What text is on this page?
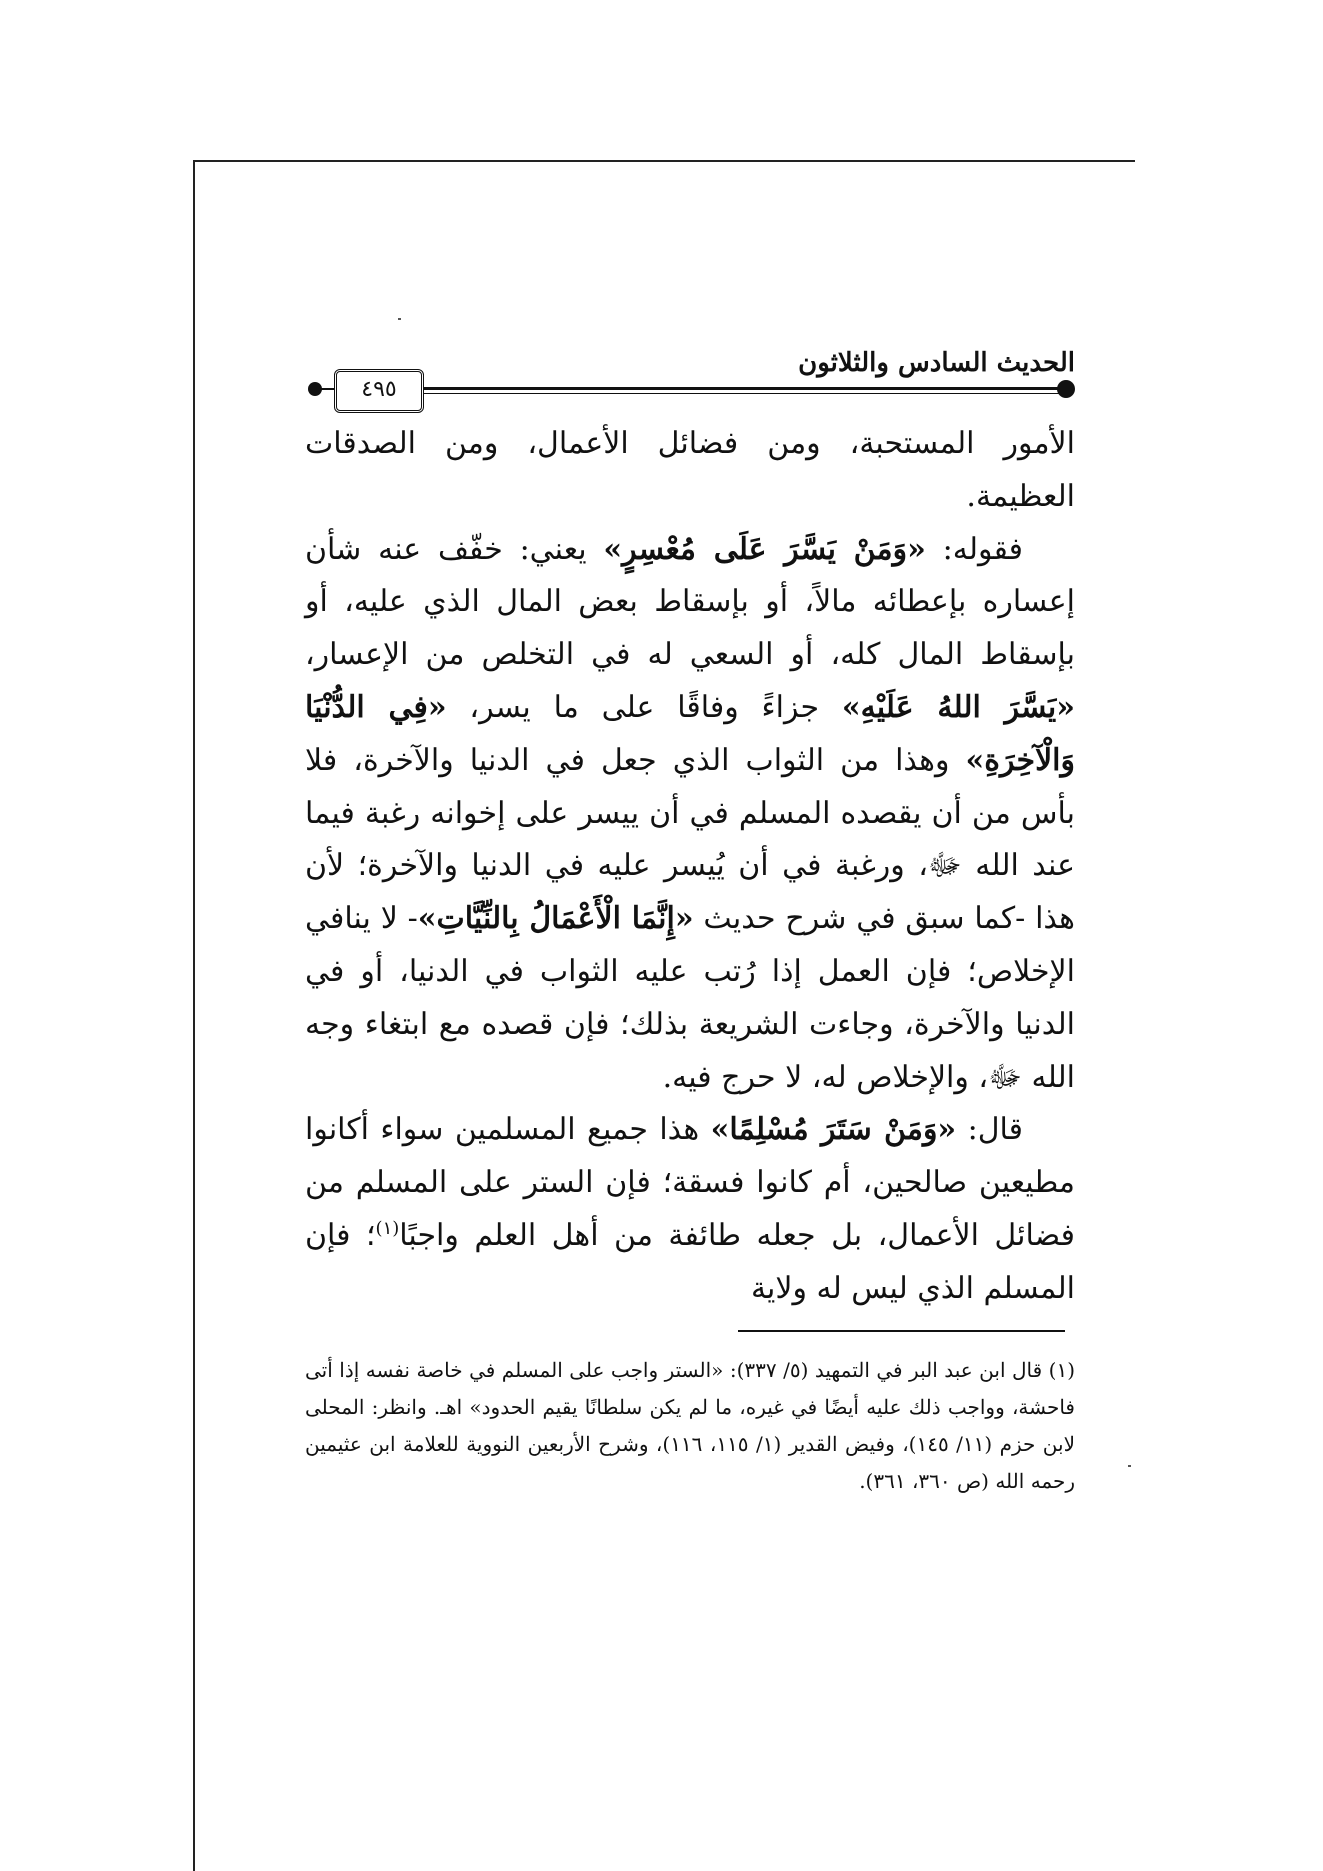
الحديث السادس والثلاثون
٤٩٥

الأمور المستحبة، ومن فضائل الأعمال، ومن الصدقات العظيمة.

فقوله: «وَمَنْ يَسَّرَ عَلَى مُعْسِرٍ» يعني: خفّف عنه شأن إعساره بإعطائه مالاً، أو بإسقاط بعض المال الذي عليه، أو بإسقاط المال كله، أو السعي له في التخلص من الإعسار، «يَسَّرَ اللهُ عَلَيْهِ» جزاءً وفاقًا على ما يسر، «فِي الدُّنْيَا وَالْآخِرَةِ» وهذا من الثواب الذي جعل في الدنيا والآخرة، فلا بأس من أن يقصده المسلم في أن ييسر على إخوانه رغبة فيما عند الله ﷻ، ورغبة في أن يُيسر عليه في الدنيا والآخرة؛ لأن هذا -كما سبق في شرح حديث «إِنَّمَا الْأَعْمَالُ بِالنِّيَّاتِ»- لا ينافي الإخلاص؛ فإن العمل إذا رُتب عليه الثواب في الدنيا، أو في الدنيا والآخرة، وجاءت الشريعة بذلك؛ فإن قصده مع ابتغاء وجه الله ﷻ، والإخلاص له، لا حرج فيه.

قال: «وَمَنْ سَتَرَ مُسْلِمًا» هذا جميع المسلمين سواء أكانوا مطيعين صالحين، أم كانوا فسقة؛ فإن الستر على المسلم من فضائل الأعمال، بل جعله طائفة من أهل العلم واجبًا$^{(١)}$؛ فإن المسلم الذي ليس له ولاية

(١) قال ابن عبد البر في التمهيد (٥/ ٣٣٧): «الستر واجب على المسلم في خاصة نفسه إذا أتى فاحشة، وواجب ذلك عليه أيضًا في غيره، ما لم يكن سلطانًا يقيم الحدود» اهـ. وانظر: المحلى لابن حزم (١١/ ١٤٥)، وفيض القدير (١/ ١١٥، ١١٦)، وشرح الأربعين النووية للعلامة ابن عثيمين رحمه الله (ص ٣٦٠، ٣٦١).
